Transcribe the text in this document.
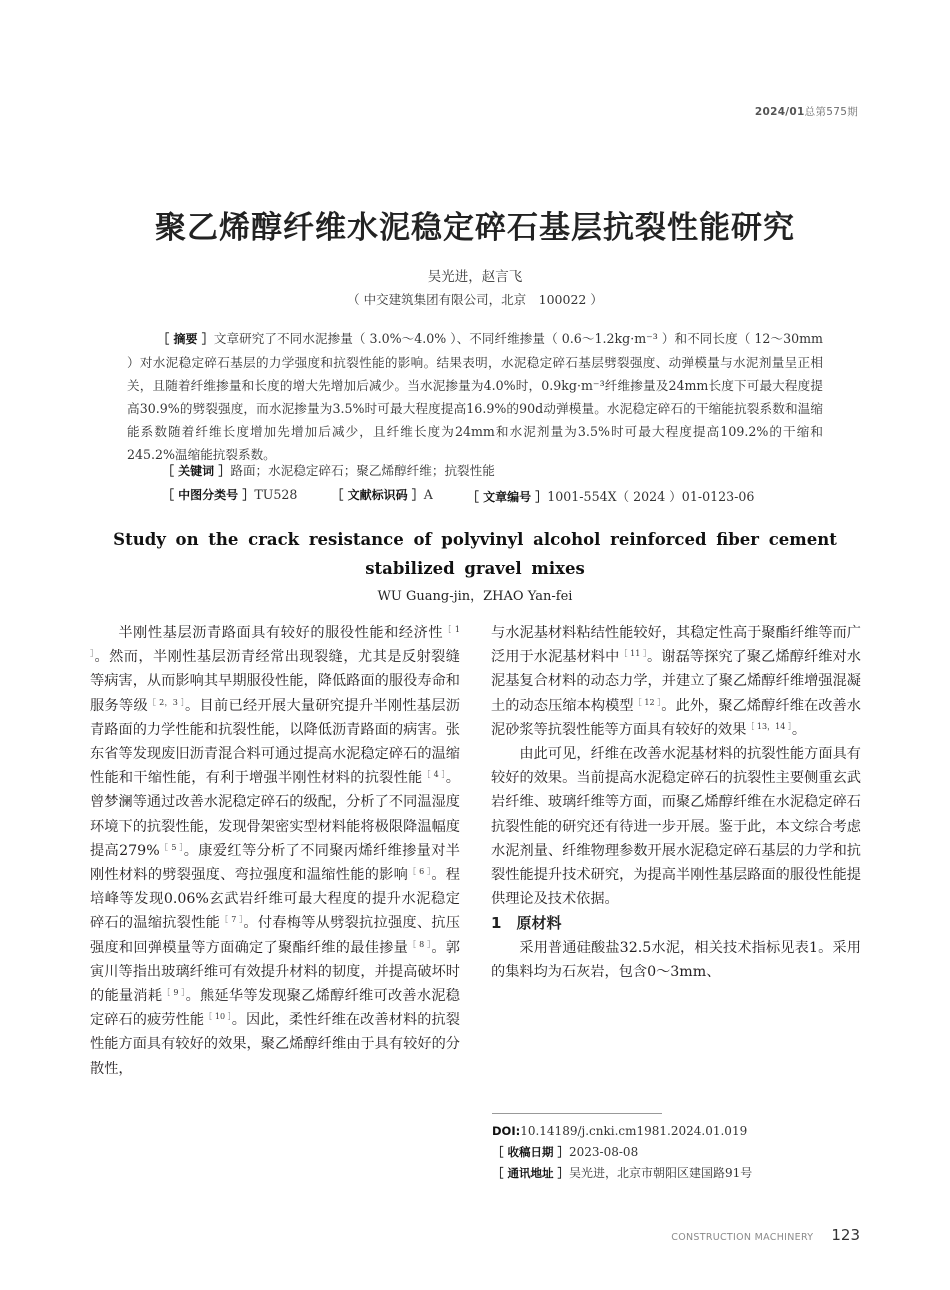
2024/01总第575期
聚乙烯醇纤维水泥稳定碎石基层抗裂性能研究
吴光进，赵言飞
（ 中交建筑集团有限公司，北京　100022 ）

［ 摘要 ］文章研究了不同水泥掺量（ 3.0%～4.0% ）、不同纤维掺量（ 0.6～1.2kg·m⁻³ ）和不同长度（ 12～30mm ）对水泥稳定碎石基层的力学强度和抗裂性能的影响。结果表明，水泥稳定碎石基层劈裂强度、动弹模量与水泥剂量呈正相关，且随着纤维掺量和长度的增大先增加后减少。当水泥掺量为4.0%时，0.9kg·m⁻³纤维掺量及24mm长度下可最大程度提高30.9%的劈裂强度，而水泥掺量为3.5%时可最大程度提高16.9%的90d动弹模量。水泥稳定碎石的干缩能抗裂系数和温缩能系数随着纤维长度增加先增加后减少，且纤维长度为24mm和水泥剂量为3.5%时可最大程度提高109.2%的干缩和245.2%温缩能抗裂系数。

［ 关键词 ］路面；水泥稳定碎石；聚乙烯醇纤维；抗裂性能
［ 中图分类号 ］TU528	［ 文献标识码 ］A	［ 文章编号 ］1001-554X（ 2024 ）01-0123-06
Study on the crack resistance of polyvinyl alcohol reinforced fiber cement
stabilized gravel mixes
WU Guang-jin，ZHAO Yan-fei

半刚性基层沥青路面具有较好的服役性能和经济性$^{[ 1 ]}$。然而，半刚性基层沥青经常出现裂缝，尤其是反射裂缝等病害，从而影响其早期服役性能，降低路面的服役寿命和服务等级$^{[ 2,3 ]}$。目前已经开展大量研究提升半刚性基层沥青路面的力学性能和抗裂性能，以降低沥青路面的病害。张东省等发现废旧沥青混合料可通过提高水泥稳定碎石的温缩性能和干缩性能，有利于增强半刚性材料的抗裂性能$^{[ 4 ]}$。曾梦澜等通过改善水泥稳定碎石的级配，分析了不同温湿度环境下的抗裂性能，发现骨架密实型材料能将极限降温幅度提高279%$^{[ 5 ]}$。康爱红等分析了不同聚丙烯纤维掺量对半刚性材料的劈裂强度、弯拉强度和温缩性能的影响$^{[ 6 ]}$。程培峰等发现0.06%玄武岩纤维可最大程度的提升水泥稳定碎石的温缩抗裂性能$^{[ 7 ]}$。付春梅等从劈裂抗拉强度、抗压强度和回弹模量等方面确定了聚酯纤维的最佳掺量$^{[ 8 ]}$。郭寅川等指出玻璃纤维可有效提升材料的韧度，并提高破坏时的能量消耗$^{[ 9 ]}$。熊延华等发现聚乙烯醇纤维可改善水泥稳定碎石的疲劳性能$^{[ 10 ]}$。因此，柔性纤维在改善材料的抗裂性能方面具有较好的效果，聚乙烯醇纤维由于具有较好的分散性，

与水泥基材料粘结性能较好，其稳定性高于聚酯纤维等而广泛用于水泥基材料中$^{[ 11 ]}$。谢磊等探究了聚乙烯醇纤维对水泥基复合材料的动态力学，并建立了聚乙烯醇纤维增强混凝土的动态压缩本构模型$^{[ 12 ]}$。此外，聚乙烯醇纤维在改善水泥砂浆等抗裂性能等方面具有较好的效果$^{[ 13,14 ]}$。

由此可见，纤维在改善水泥基材料的抗裂性能方面具有较好的效果。当前提高水泥稳定碎石的抗裂性主要侧重玄武岩纤维、玻璃纤维等方面，而聚乙烯醇纤维在水泥稳定碎石抗裂性能的研究还有待进一步开展。鉴于此，本文综合考虑水泥剂量、纤维物理参数开展水泥稳定碎石基层的力学和抗裂性能提升技术研究，为提高半刚性基层路面的服役性能提供理论及技术依据。

1　 原材料

采用普通硅酸盐32.5水泥，相关技术指标见表1。采用的集料均为石灰岩，包含0～3mm、

DOI:10.14189/j.cnki.cm1981.2024.01.019
［ 收稿日期 ］2023-08-08
［ 通讯地址 ］吴光进，北京市朝阳区建国路91号
CONSTRUCTION MACHINERY 123
